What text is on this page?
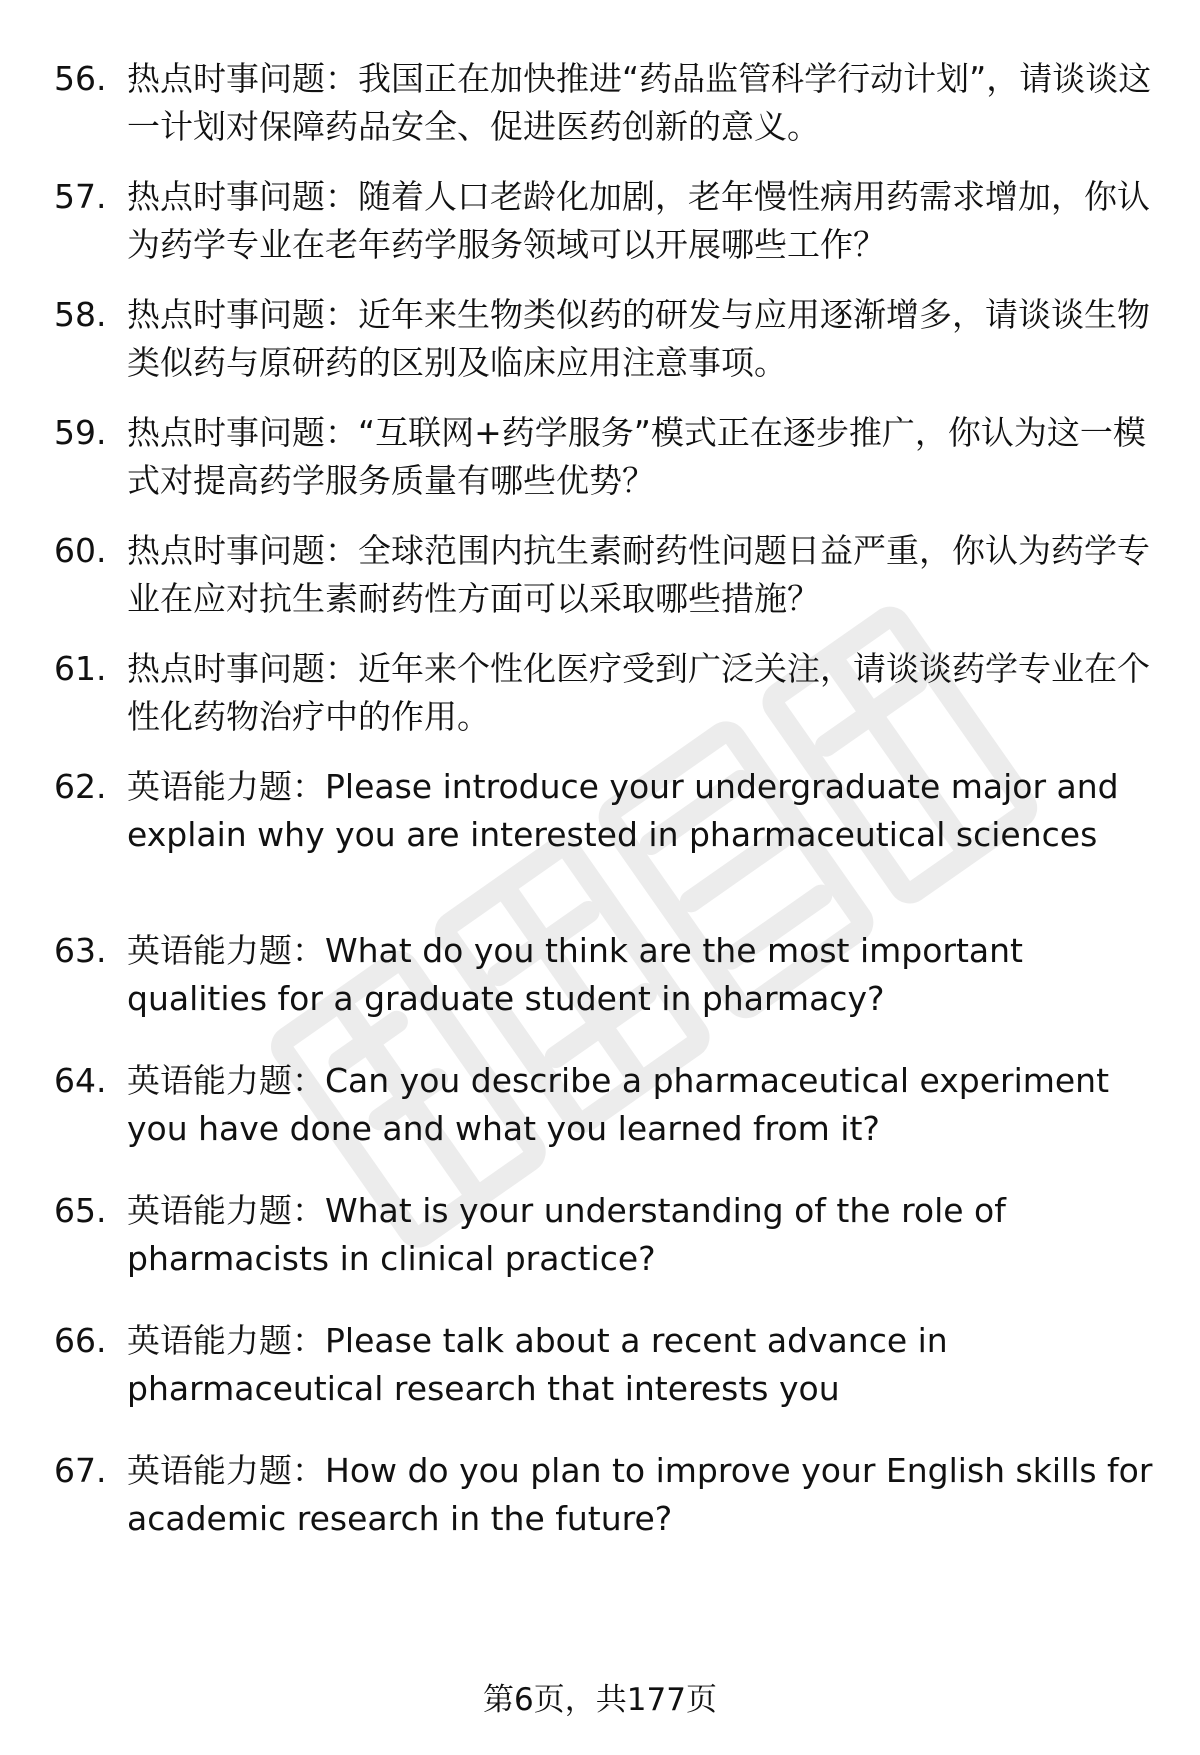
56. 热点时事问题：我国正在加快推进“药品监管科学行动计划”，请谈谈这一计划对保障药品安全、促进医药创新的意义。
57. 热点时事问题：随着人口老龄化加剧，老年慢性病用药需求增加，你认为药学专业在老年药学服务领域可以开展哪些工作？
58. 热点时事问题：近年来生物类似药的研发与应用逐渐增多，请谈谈生物类似药与原研药的区别及临床应用注意事项。
59. 热点时事问题：“互联网+药学服务”模式正在逐步推广，你认为这一模式对提高药学服务质量有哪些优势？
60. 热点时事问题：全球范围内抗生素耐药性问题日益严重，你认为药学专业在应对抗生素耐药性方面可以采取哪些措施？
61. 热点时事问题：近年来个性化医疗受到广泛关注，请谈谈药学专业在个性化药物治疗中的作用。
62. 英语能力题：Please introduce your undergraduate major and explain why you are interested in pharmaceutical sciences
63. 英语能力题：What do you think are the most important qualities for a graduate student in pharmacy?
64. 英语能力题：Can you describe a pharmaceutical experiment you have done and what you learned from it?
65. 英语能力题：What is your understanding of the role of pharmacists in clinical practice?
66. 英语能力题：Please talk about a recent advance in pharmaceutical research that interests you
67. 英语能力题：How do you plan to improve your English skills for academic research in the future?
第6页，共177页
